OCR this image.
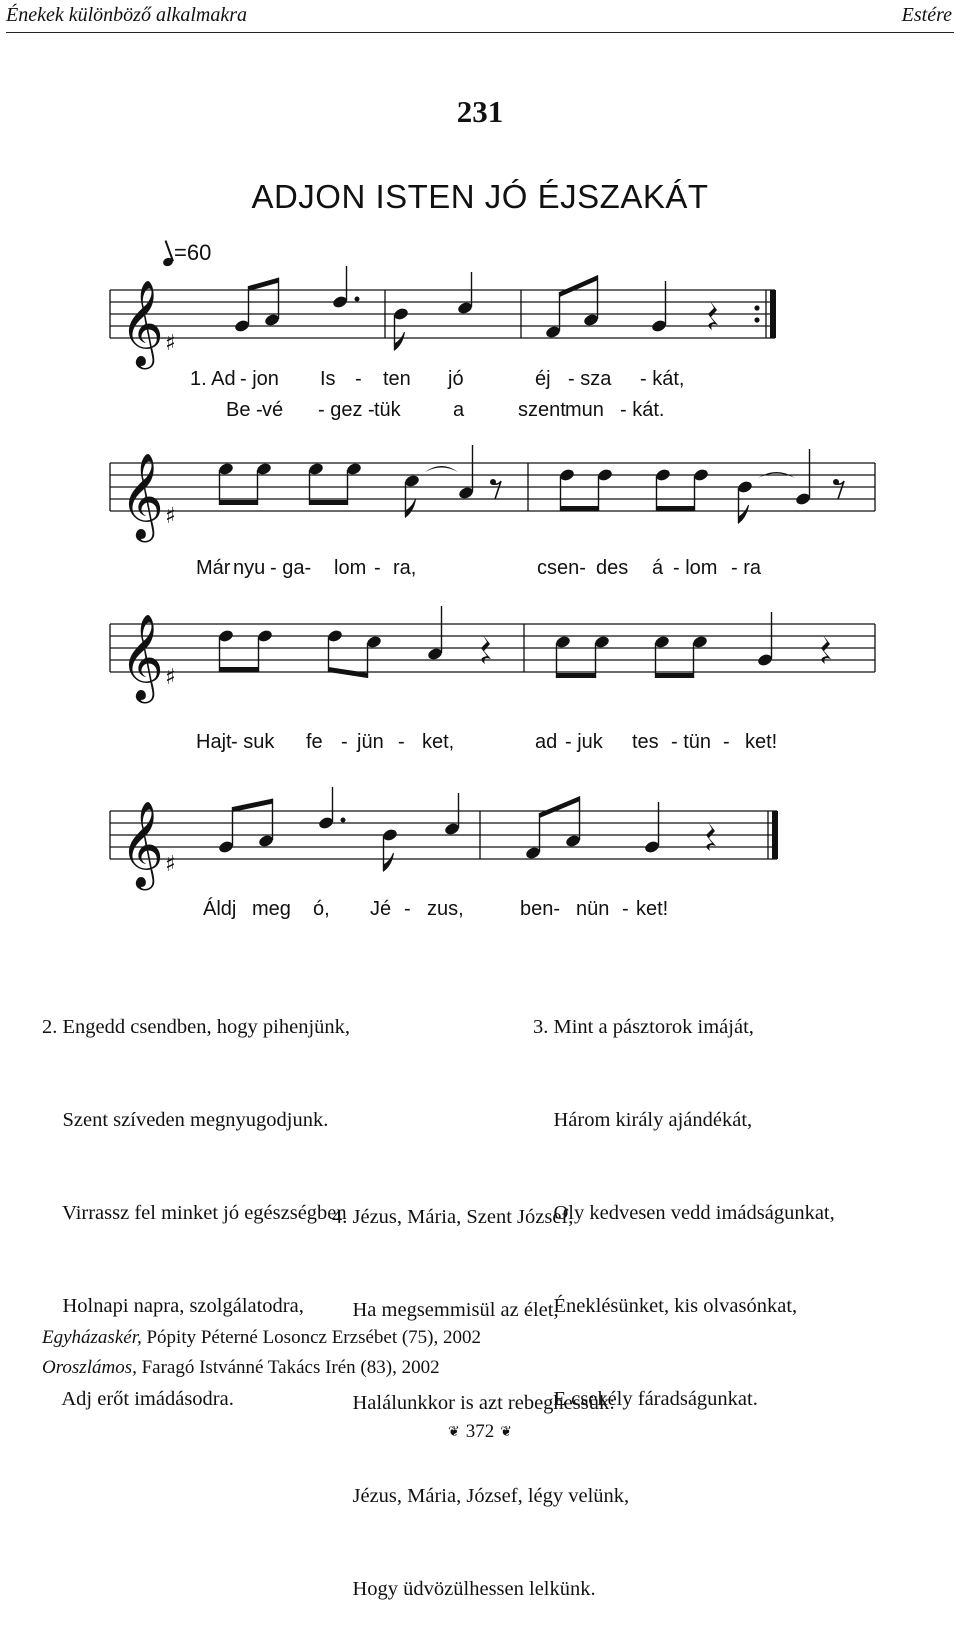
Énekek különböző alkalmakra	Estére
231
ADJON ISTEN JÓ ÉJSZAKÁT
=60
𝄞 ♯
𝄞 ♯
𝄞 ♯
𝄞 ♯
1. Ad - jon Is - ten jó	éj - sza - kát,
Be - vé - gez - tük	a	szent mun - kát.
Már nyu - ga- lom - ra,	csen- des á - lom - ra
Hajt - suk fe - jün - ket,	ad - juk tes - tün - ket!
Áldj meg ó, Jé - zus,	ben- nün - ket!

2. Engedd csendben, hogy pihenjünk,

Szent szíveden megnyugodjunk.

Virrassz fel minket jó egészségben

Holnapi napra, szolgálatodra,

Adj erőt imádásodra.

3. Mint a pásztorok imáját,

Három király ajándékát,

Oly kedvesen vedd imádságunkat,

Éneklésünket, kis olvasónkat,

E csekély fáradságunkat.

4. Jézus, Mária, Szent József,

Ha megsemmisül az élet,

Halálunkkor is azt rebeghessük:

Jézus, Mária, József, légy velünk,

Hogy üdvözülhessen lelkünk.

Egyházaskér, Pópity Péterné Losoncz Erzsébet (75), 2002
Oroszlámos, Faragó Istvánné Takács Irén (83), 2002
❦ 372 ❦
